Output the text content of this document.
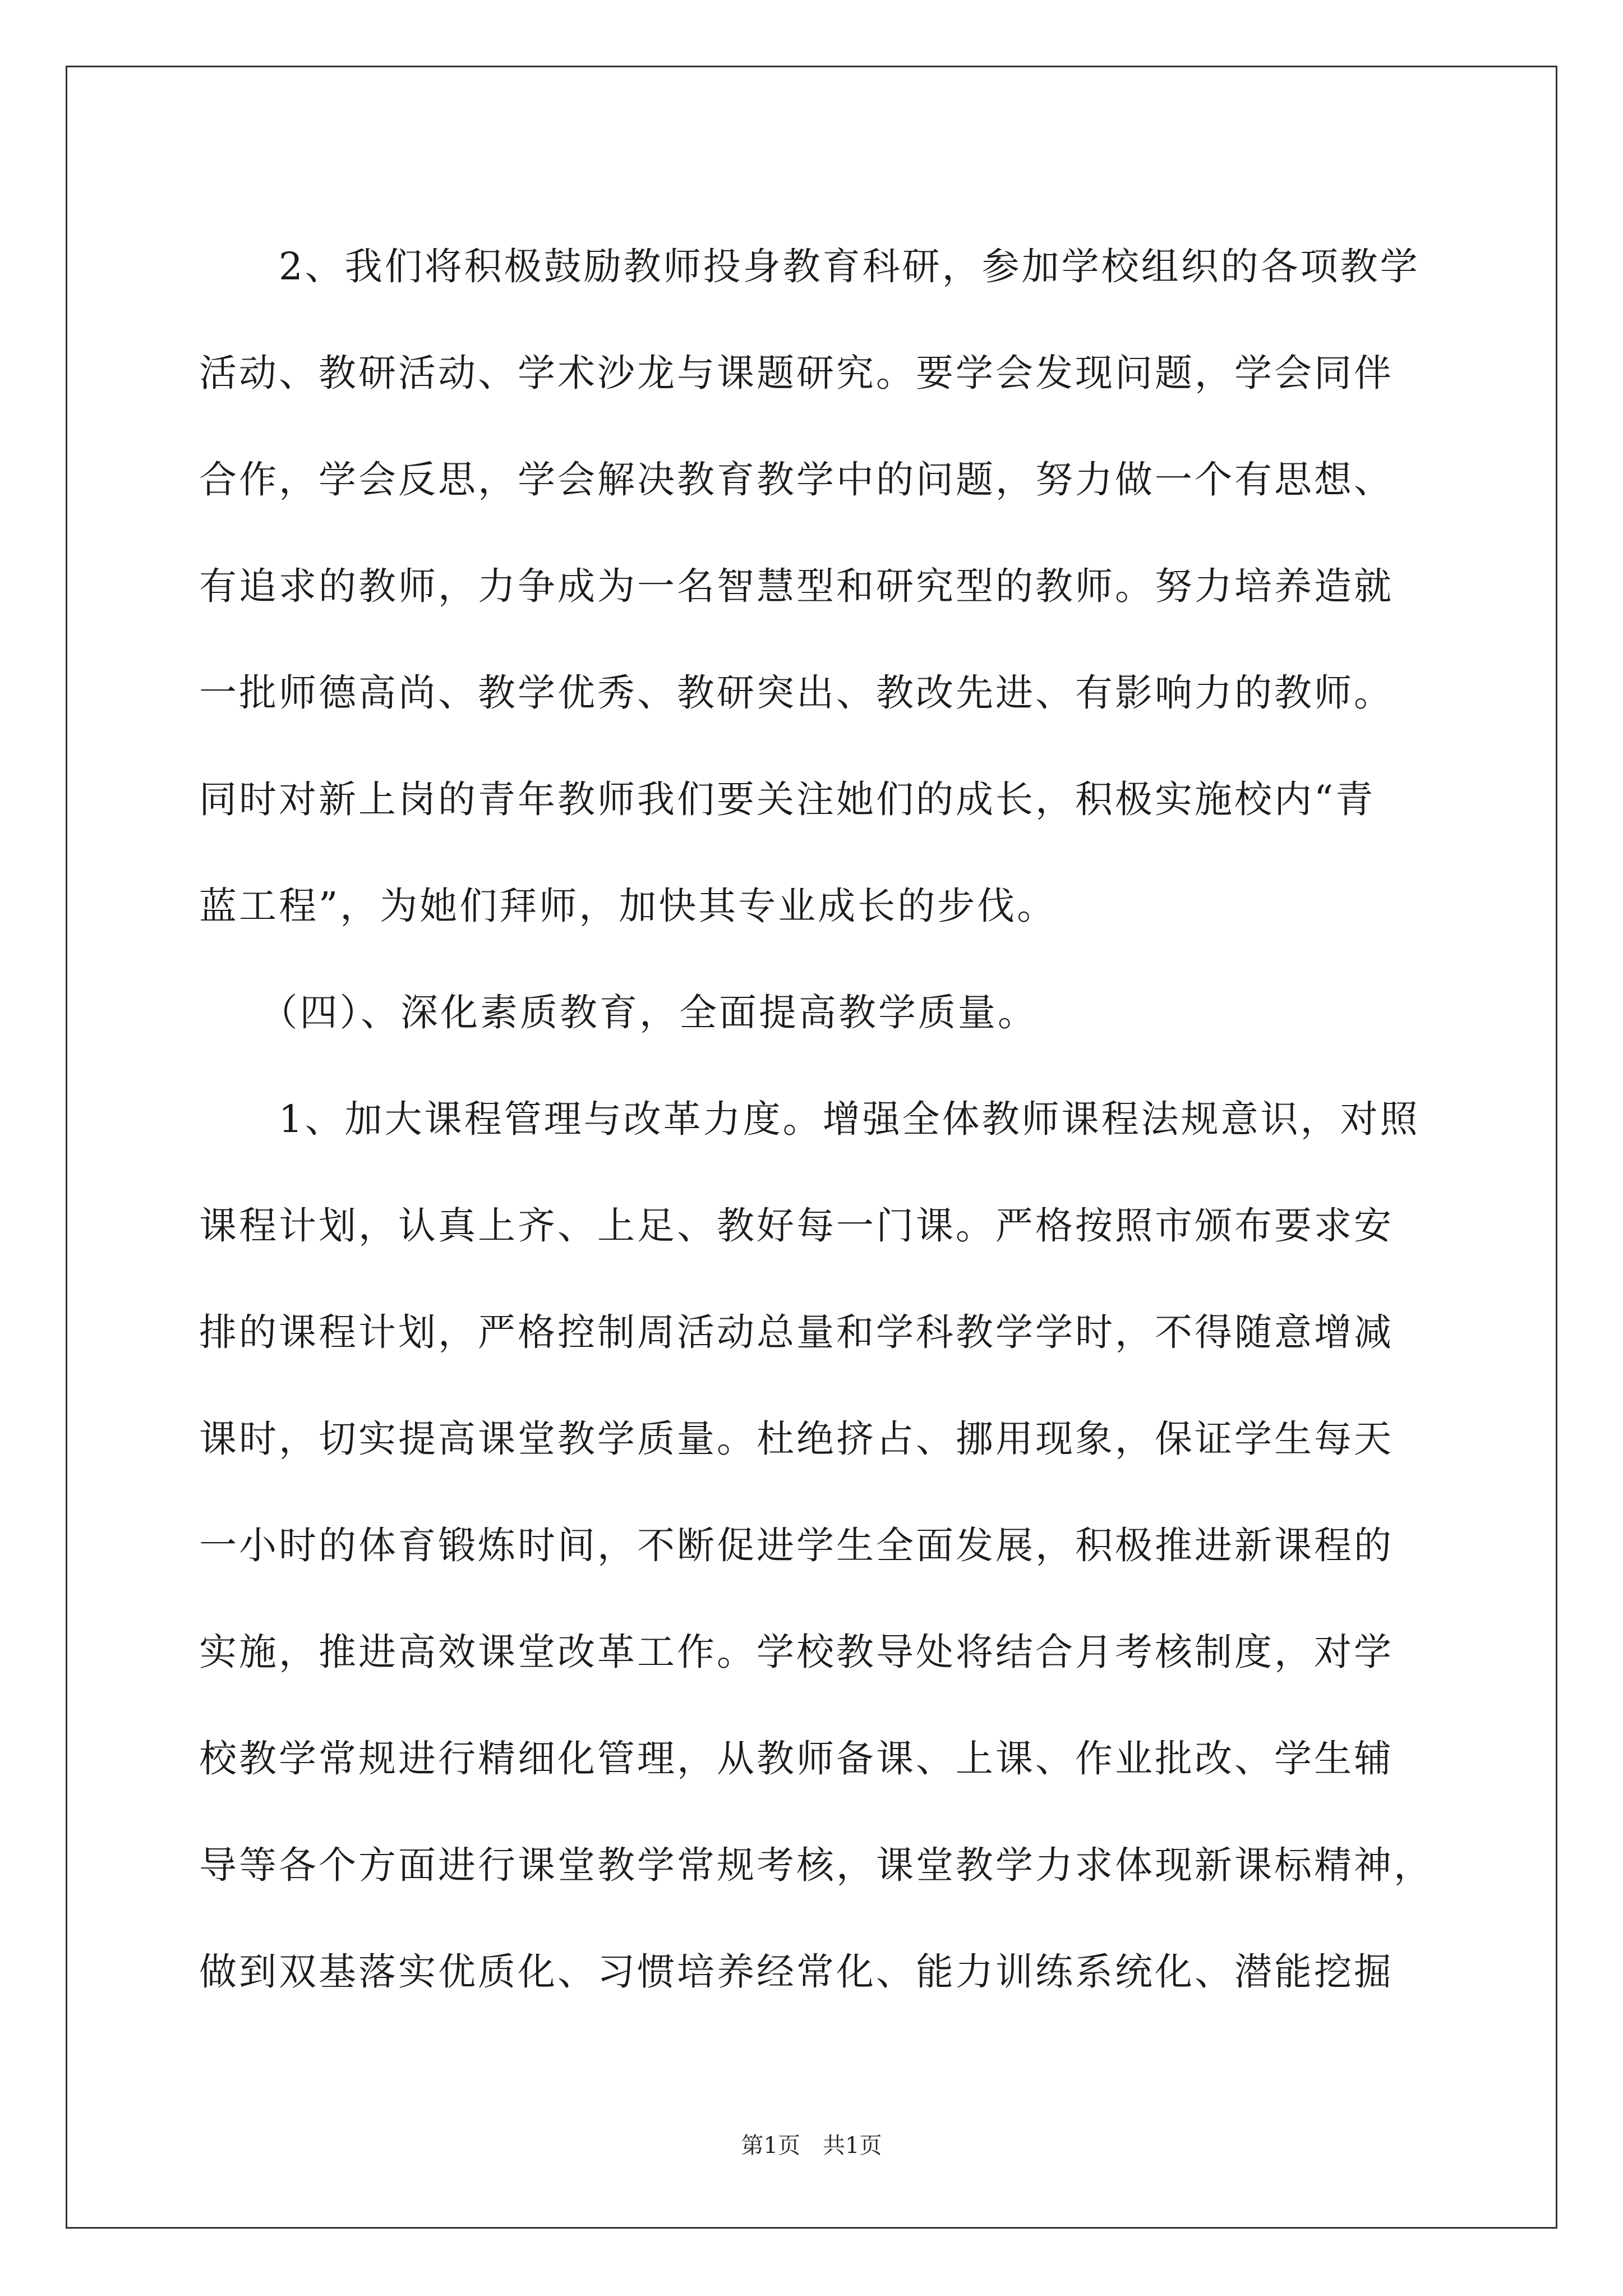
　　2、我们将积极鼓励教师投身教育科研，参加学校组织的各项教学
活动、教研活动、学术沙龙与课题研究。要学会发现问题，学会同伴
合作，学会反思，学会解决教育教学中的问题，努力做一个有思想、
有追求的教师，力争成为一名智慧型和研究型的教师。努力培养造就
一批师德高尚、教学优秀、教研突出、教改先进、有影响力的教师。
同时对新上岗的青年教师我们要关注她们的成长，积极实施校内“青
蓝工程”，为她们拜师，加快其专业成长的步伐。
　　（四）、深化素质教育，全面提高教学质量。
　　1、加大课程管理与改革力度。增强全体教师课程法规意识，对照
课程计划，认真上齐、上足、教好每一门课。严格按照市颁布要求安
排的课程计划，严格控制周活动总量和学科教学学时，不得随意增减
课时，切实提高课堂教学质量。杜绝挤占、挪用现象，保证学生每天
一小时的体育锻炼时间，不断促进学生全面发展，积极推进新课程的
实施，推进高效课堂改革工作。学校教导处将结合月考核制度，对学
校教学常规进行精细化管理，从教师备课、上课、作业批改、学生辅
导等各个方面进行课堂教学常规考核，课堂教学力求体现新课标精神，
做到双基落实优质化、习惯培养经常化、能力训练系统化、潜能挖掘
第1页　共1页
